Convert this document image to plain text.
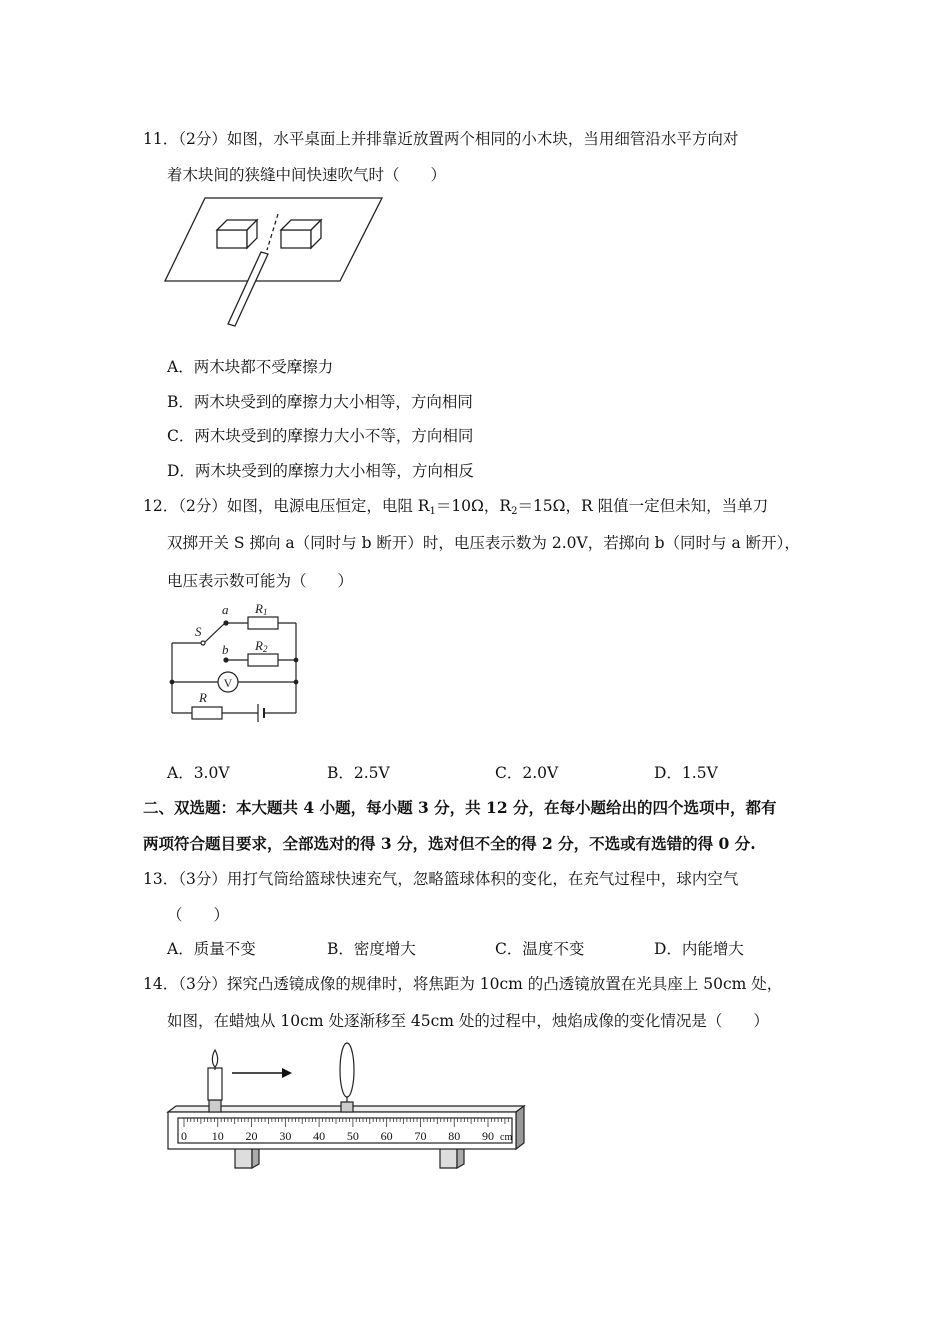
11．（2分）如图，水平桌面上并排靠近放置两个相同的小木块，当用细管沿水平方向对
着木块间的狭缝中间快速吹气时（　　）
A．两木块都不受摩擦力
B．两木块受到的摩擦力大小相等，方向相同
C．两木块受到的摩擦力大小不等，方向相同
D．两木块受到的摩擦力大小相等，方向相反
12．（2分）如图，电源电压恒定，电阻 $R_1=10\Omega$，$R_2=15\Omega$，R 阻值一定但未知，当单刀
双掷开关 S 掷向 a（同时与 b 断开）时，电压表示数为 2.0V，若掷向 b（同时与 a 断开），
电压表示数可能为（　　）
a
b
S
R1
R2
R
V
A．3.0V	B．2.5V	C．2.0V	D．1.5V
二、双选题：本大题共 4 小题，每小题 3 分，共 12 分，在每小题给出的四个选项中，都有
两项符合题目要求，全部选对的得 3 分，选对但不全的得 2 分，不选或有选错的得 0 分.
13．（3分）用打气筒给篮球快速充气，忽略篮球体积的变化，在充气过程中，球内空气
（　　）
A．质量不变	B．密度增大	C．温度不变	D．内能增大
14．（3分）探究凸透镜成像的规律时，将焦距为 10cm 的凸透镜放置在光具座上 50cm 处，
如图，在蜡烛从 10cm 处逐渐移至 45cm 处的过程中，烛焰成像的变化情况是（　　）
0 10 20 30 40 50 60 70 80 90 cm
